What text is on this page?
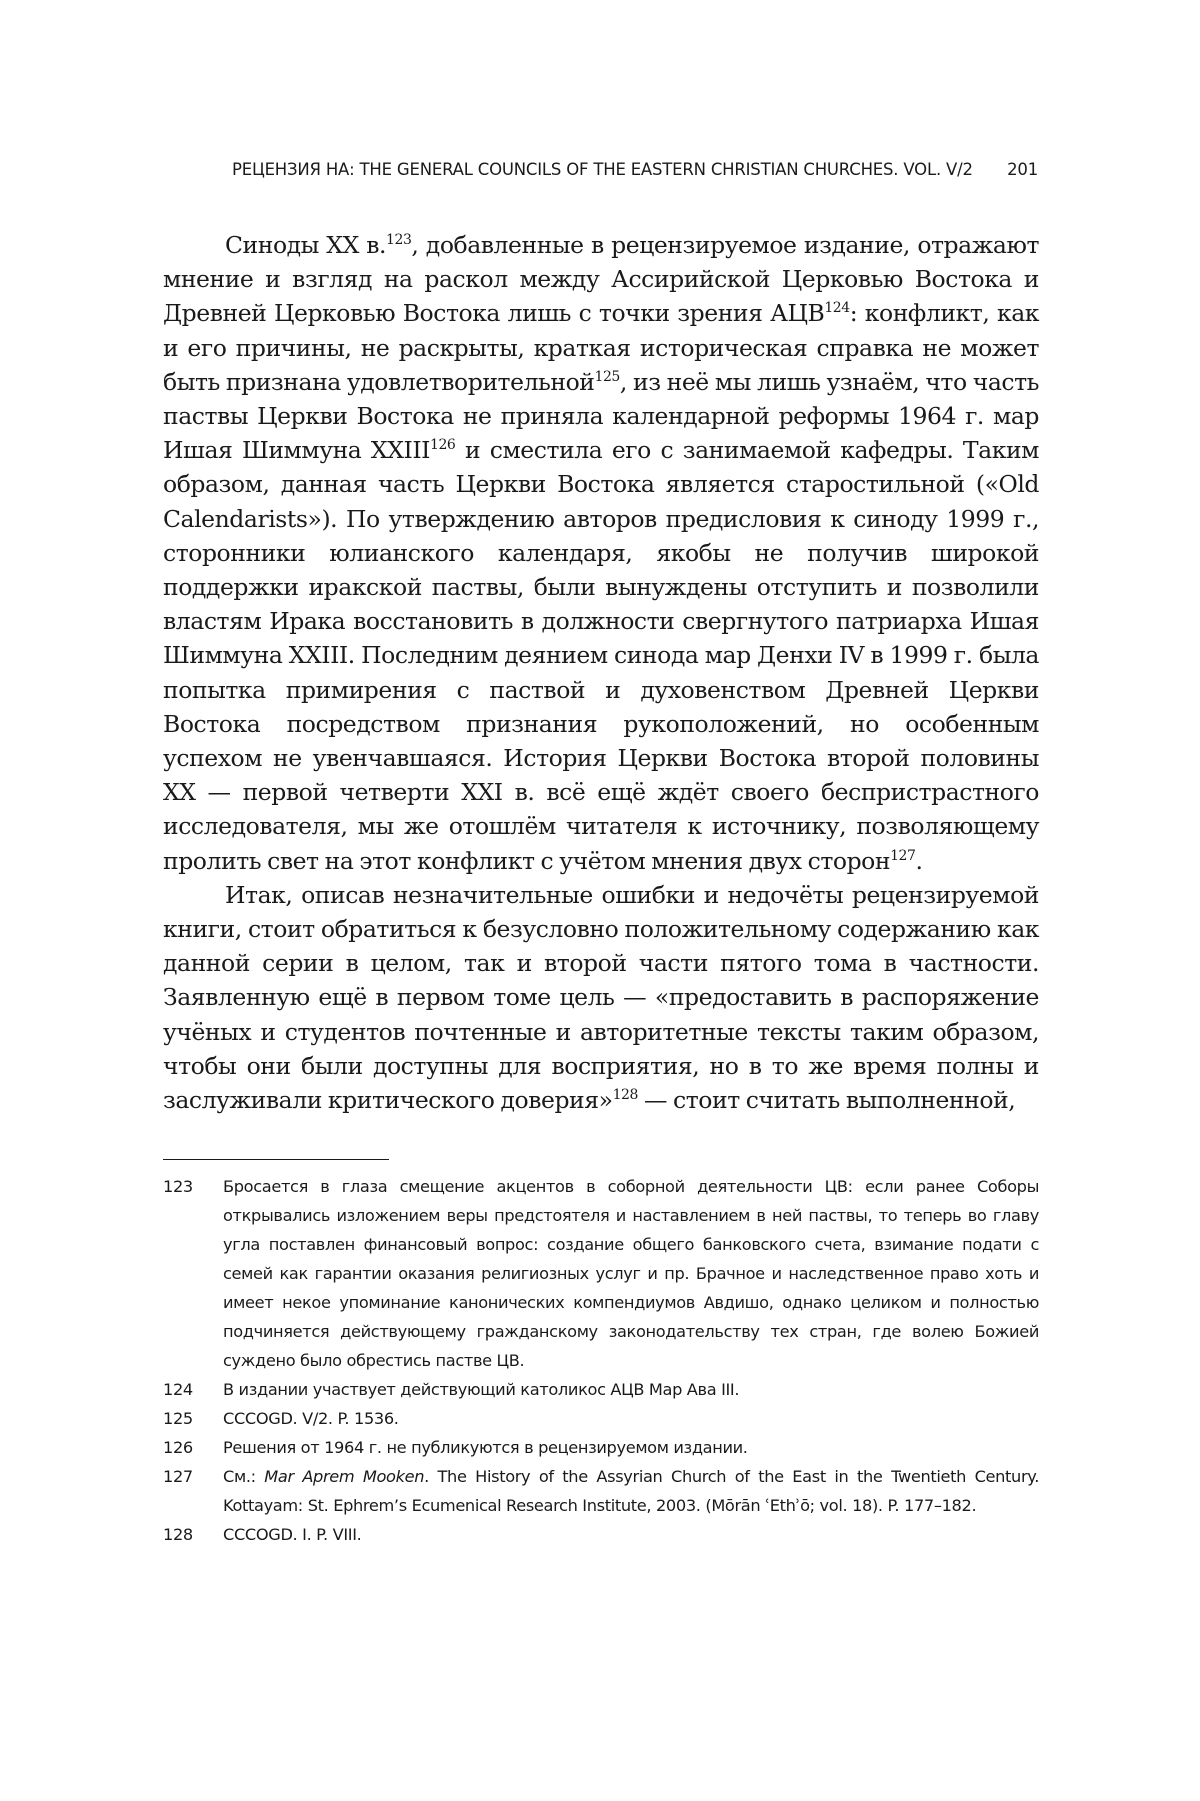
РЕЦЕНЗИЯ НА: THE GENERAL COUNCILS OF THE EASTERN CHRISTIAN CHURCHES. VOL. V/2 201

Синоды XX в.$^{123}$, добавленные в рецензируемое издание, отражают мнение и взгляд на раскол между Ассирийской Церковью Востока и Древней Церковью Востока лишь с точки зрения АЦВ$^{124}$: конфликт, как и его причины, не раскрыты, краткая историческая справка не может быть признана удовлетворительной$^{125}$, из неё мы лишь узнаём, что часть паствы Церкви Востока не приняла календарной реформы 1964 г. мар Ишая Шиммуна XXIII$^{126}$ и сместила его с занимаемой кафедры. Таким образом, данная часть Церкви Востока является старостильной («Old Calendarists»). По утверждению авторов предисловия к синоду 1999 г., сторонники юлианского календаря, якобы не получив широкой поддержки иракской паствы, были вынуждены отступить и позволили властям Ирака восстановить в должности свергнутого патриарха Ишая Шиммуна XXIII. Последним деянием синода мар Денхи IV в 1999 г. была попытка примирения с паствой и духовенством Древней Церкви Востока посредством признания рукоположений, но особенным успехом не увенчавшаяся. История Церкви Востока второй половины XX — первой четверти XXI в. всё ещё ждёт своего беспристрастного исследователя, мы же отошлём читателя к источнику, позволяющему пролить свет на этот конфликт с учётом мнения двух сторон$^{127}$.

Итак, описав незначительные ошибки и недочёты рецензируемой книги, стоит обратиться к безусловно положительному содержанию как данной серии в целом, так и второй части пятого тома в частности. Заявленную ещё в первом томе цель — «предоставить в распоряжение учёных и студентов почтенные и авторитетные тексты таким образом, чтобы они были доступны для восприятия, но в то же время полны и заслуживали критического доверия»$^{128}$ — стоит считать выполненной,

123	Бросается в глаза смещение акцентов в соборной деятельности ЦВ: если ранее Соборы открывались изложением веры предстоятеля и наставлением в ней паствы, то теперь во главу угла поставлен финансовый вопрос: создание общего банковского счета, взимание подати с семей как гарантии оказания религиозных услуг и пр. Брачное и наследственное право хоть и имеет некое упоминание канонических компендиумов Авдишо, однако целиком и полностью подчиняется действующему гражданскому законодательству тех стран, где волею Божией суждено было обрестись пастве ЦВ.
124	В издании участвует действующий католикос АЦВ Мар Ава III.
125	CCCOGD. V/2. P. 1536.
126	Решения от 1964 г. не публикуются в рецензируемом издании.
127	См.: Mar Aprem Mooken. The History of the Assyrian Church of the East in the Twentieth Century. Kottayam: St. Ephrem’s Ecumenical Research Institute, 2003. (Mōrān ʿEthʾō; vol. 18). P. 177–182.
128	CCCOGD. I. P. VIII.
